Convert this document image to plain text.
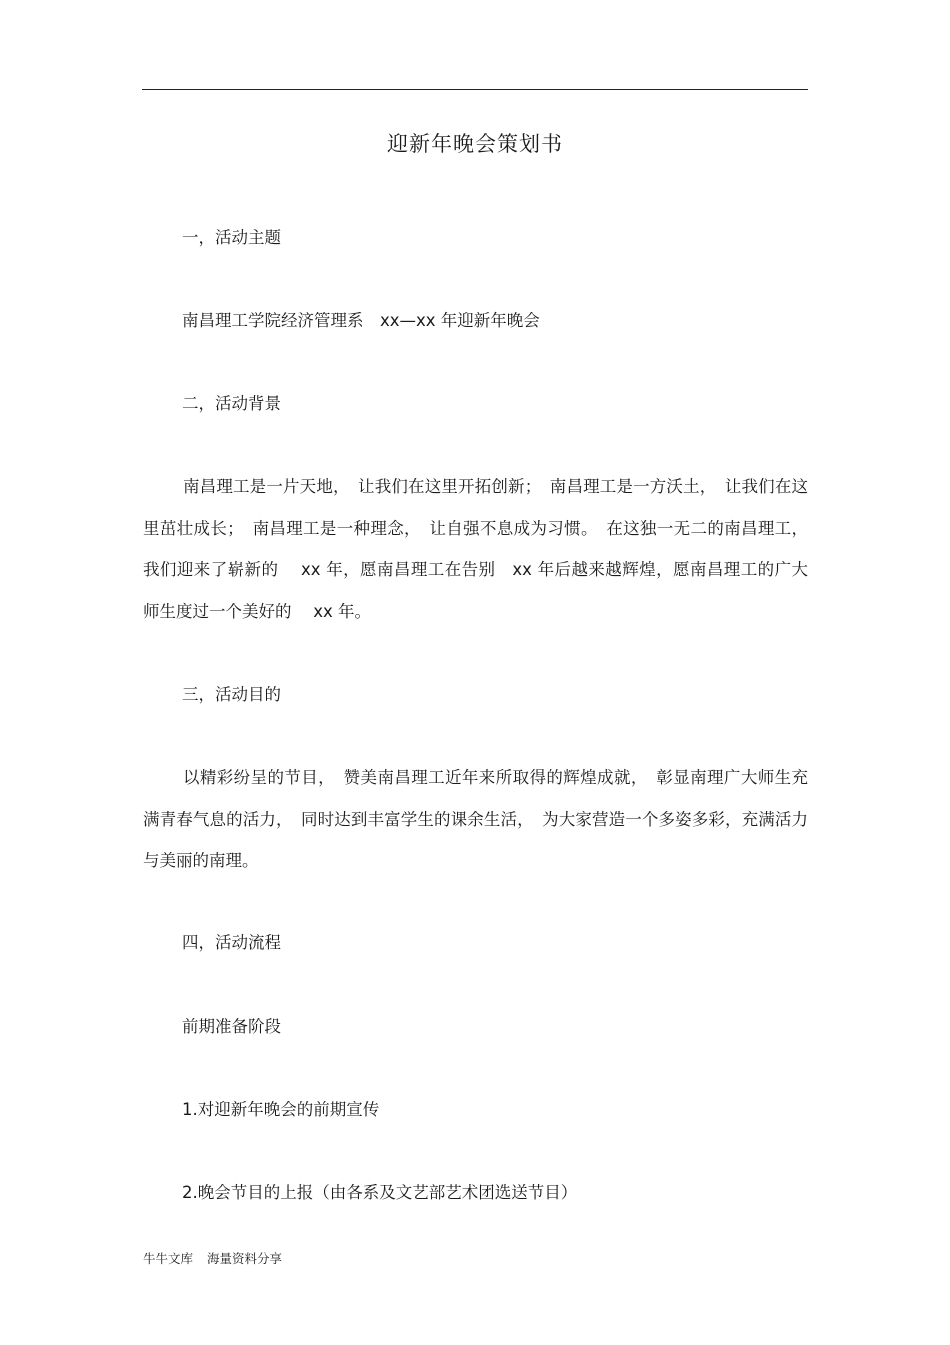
迎新年晚会策划书
一，活动主题
南昌理工学院经济管理系　xx—xx 年迎新年晚会
二，活动背景
南昌理工是一片天地，　让我们在这里开拓创新；　南昌理工是一方沃土，　让我们在这里茁壮成长；　南昌理工是一种理念，　让自强不息成为习惯。　在这独一无二的南昌理工，我们迎来了崭新的　 xx 年，愿南昌理工在告别　xx 年后越来越辉煌，愿南昌理工的广大师生度过一个美好的　 xx 年。
三，活动目的
以精彩纷呈的节目，　赞美南昌理工近年来所取得的辉煌成就，　彰显南理广大师生充满青春气息的活力，　同时达到丰富学生的课余生活，　为大家营造一个多姿多彩，充满活力与美丽的南理。
四，活动流程
前期准备阶段
1.对迎新年晚会的前期宣传
2.晚会节目的上报（由各系及文艺部艺术团选送节目）
牛牛文库 海量资料分享
